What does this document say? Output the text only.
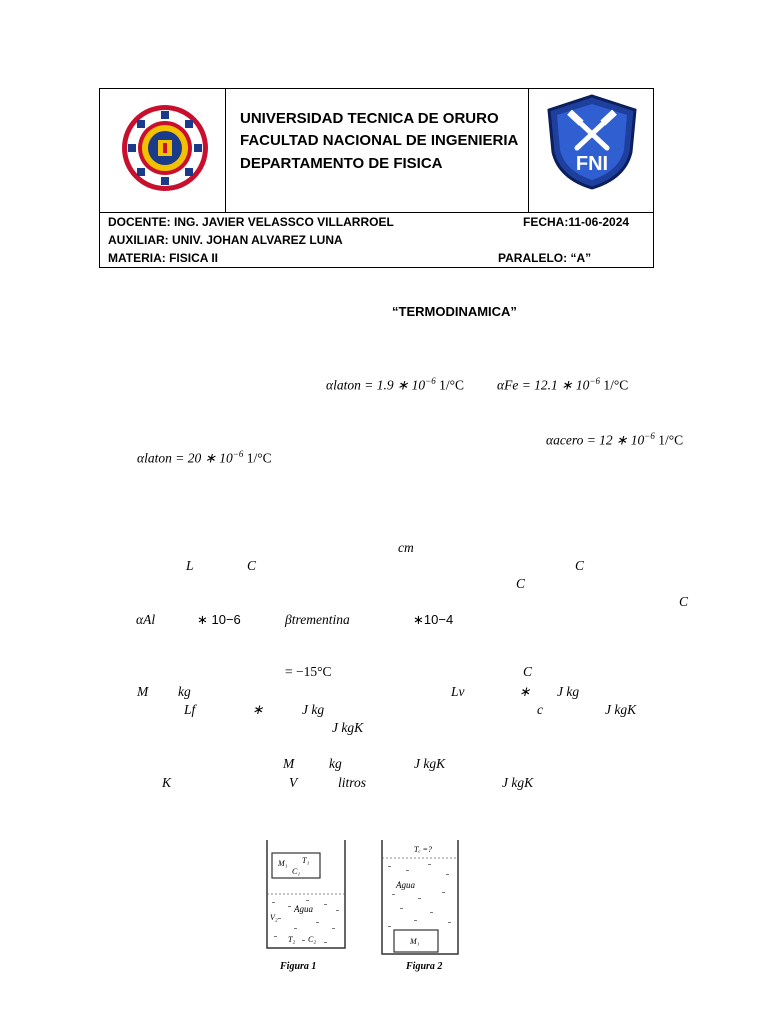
UNIVERSIDAD TECNICA DE ORURO
FACULTAD NACIONAL DE INGENIERIA
DEPARTAMENTO DE FISICA	FNI
DOCENTE: ING. JAVIER VELASSCO VILLARROEL	FECHA:11-06-2024
AUXILIAR: UNIV. JOHAN ALVAREZ LUNA
MATERIA: FISICA II	PARALELO: “A”
“TERMODINAMICA”
αlaton = 1.9 ∗ $10^{-6}$ 1/°C αFe = 12.1 ∗ $10^{-6}$ 1/°C
αacero = 12 ∗ $10^{-6}$ 1/°C
αlaton = 20 ∗ $10^{-6}$ 1/°C
cm
L	C	C
C
C
αAl	∗ 10−6	βtrementina	∗10−4
= −15°C	C
M kg	Lv	∗ J kg
Lf	∗	J kg	c	J kgK
J kgK
M	kg	J kgK
K	V	litros	J kgK
M₁ T₁
C₁
Agua
V₂
T₂ C₂
Figura 1
Tₑ =?
Agua
M₁
Figura 2
